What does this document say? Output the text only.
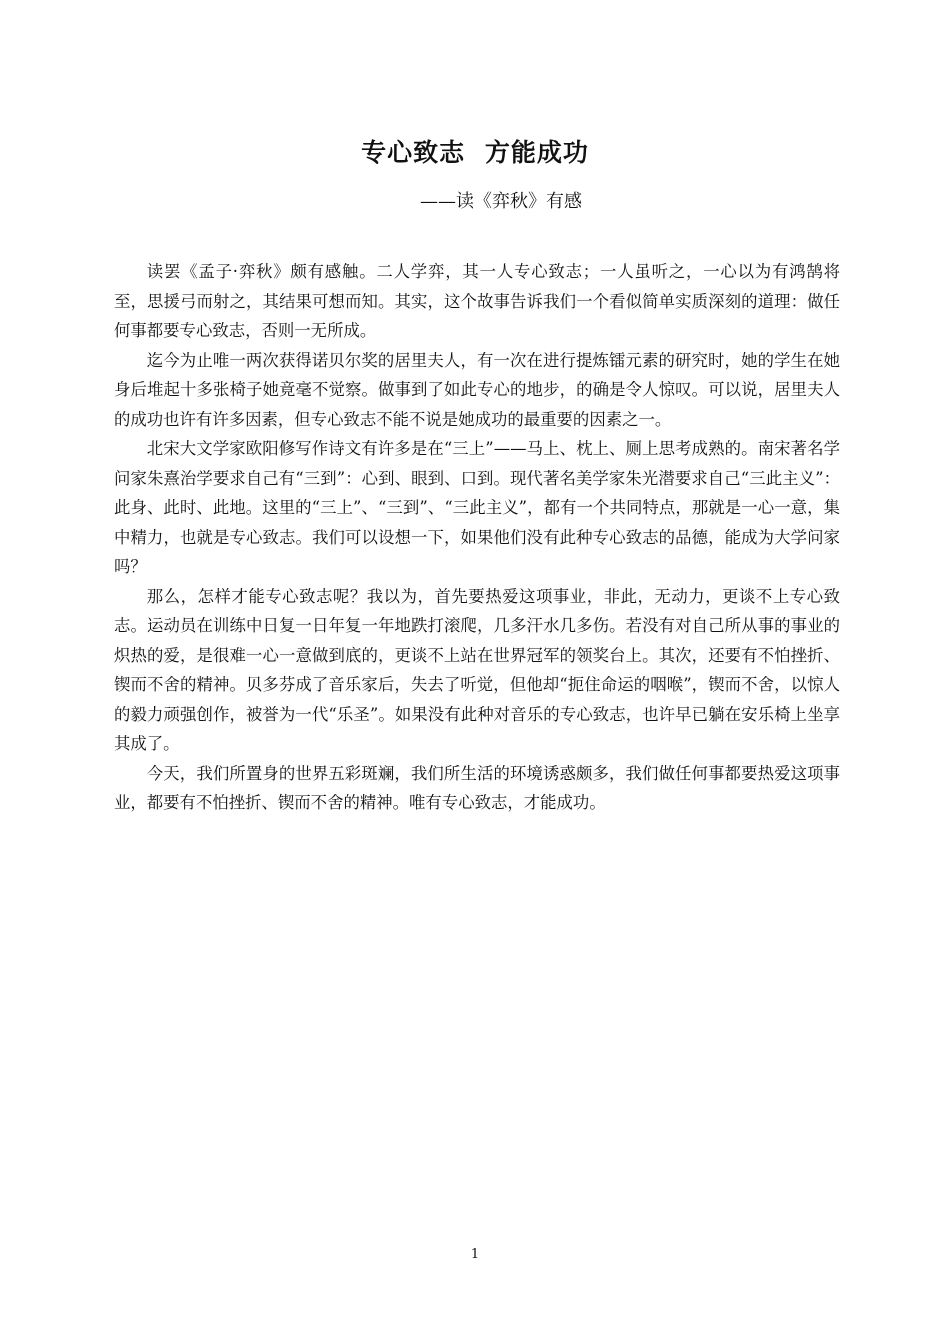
专心致志 方能成功

——读《弈秋》有感

读罢《孟子·弈秋》颇有感触。二人学弈，其一人专心致志；一人虽听之，一心以为有鸿鹄将至，思援弓而射之，其结果可想而知。其实，这个故事告诉我们一个看似简单实质深刻的道理：做任何事都要专心致志，否则一无所成。

迄今为止唯一两次获得诺贝尔奖的居里夫人，有一次在进行提炼镭元素的研究时，她的学生在她身后堆起十多张椅子她竟毫不觉察。做事到了如此专心的地步，的确是令人惊叹。可以说，居里夫人的成功也许有许多因素，但专心致志不能不说是她成功的最重要的因素之一。

北宋大文学家欧阳修写作诗文有许多是在“三上”——马上、枕上、厕上思考成熟的。南宋著名学问家朱熹治学要求自己有“三到”：心到、眼到、口到。现代著名美学家朱光潜要求自己“三此主义”：此身、此时、此地。这里的“三上”、“三到”、“三此主义”，都有一个共同特点，那就是一心一意，集中精力，也就是专心致志。我们可以设想一下，如果他们没有此种专心致志的品德，能成为大学问家吗？

那么，怎样才能专心致志呢？我以为，首先要热爱这项事业，非此，无动力，更谈不上专心致志。运动员在训练中日复一日年复一年地跌打滚爬，几多汗水几多伤。若没有对自己所从事的事业的炽热的爱，是很难一心一意做到底的，更谈不上站在世界冠军的领奖台上。其次，还要有不怕挫折、锲而不舍的精神。贝多芬成了音乐家后，失去了听觉，但他却“扼住命运的咽喉”，锲而不舍，以惊人的毅力顽强创作，被誉为一代“乐圣”。如果没有此种对音乐的专心致志，也许早已躺在安乐椅上坐享其成了。

今天，我们所置身的世界五彩斑斓，我们所生活的环境诱惑颇多，我们做任何事都要热爱这项事业，都要有不怕挫折、锲而不舍的精神。唯有专心致志，才能成功。

1
